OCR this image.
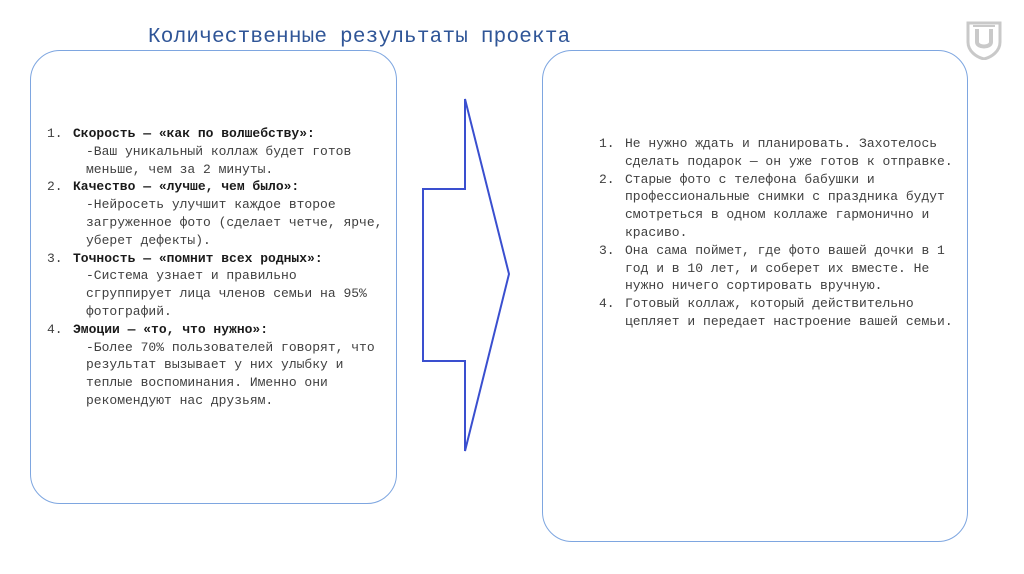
Количественные результаты проекта
1. Скорость — «как по волшебству»:
-Ваш уникальный коллаж будет готов меньше, чем за 2 минуты.
2. Качество — «лучше, чем было»:
-Нейросеть улучшит каждое второе загруженное фото (сделает четче, ярче, уберет дефекты).
3. Точность — «помнит всех родных»:
-Система узнает и правильно сгруппирует лица членов семьи на 95% фотографий.
4. Эмоции — «то, что нужно»:
-Более 70% пользователей говорят, что результат вызывает у них улыбку и теплые воспоминания. Именно они рекомендуют нас друзьям.
1. Не нужно ждать и планировать. Захотелось сделать подарок — он уже готов к отправке.
2. Старые фото с телефона бабушки и профессиональные снимки с праздника будут смотреться в одном коллаже гармонично и красиво.
3. Она сама поймет, где фото вашей дочки в 1 год и в 10 лет, и соберет их вместе. Не нужно ничего сортировать вручную.
4. Готовый коллаж, который действительно цепляет и передает настроение вашей семьи.
